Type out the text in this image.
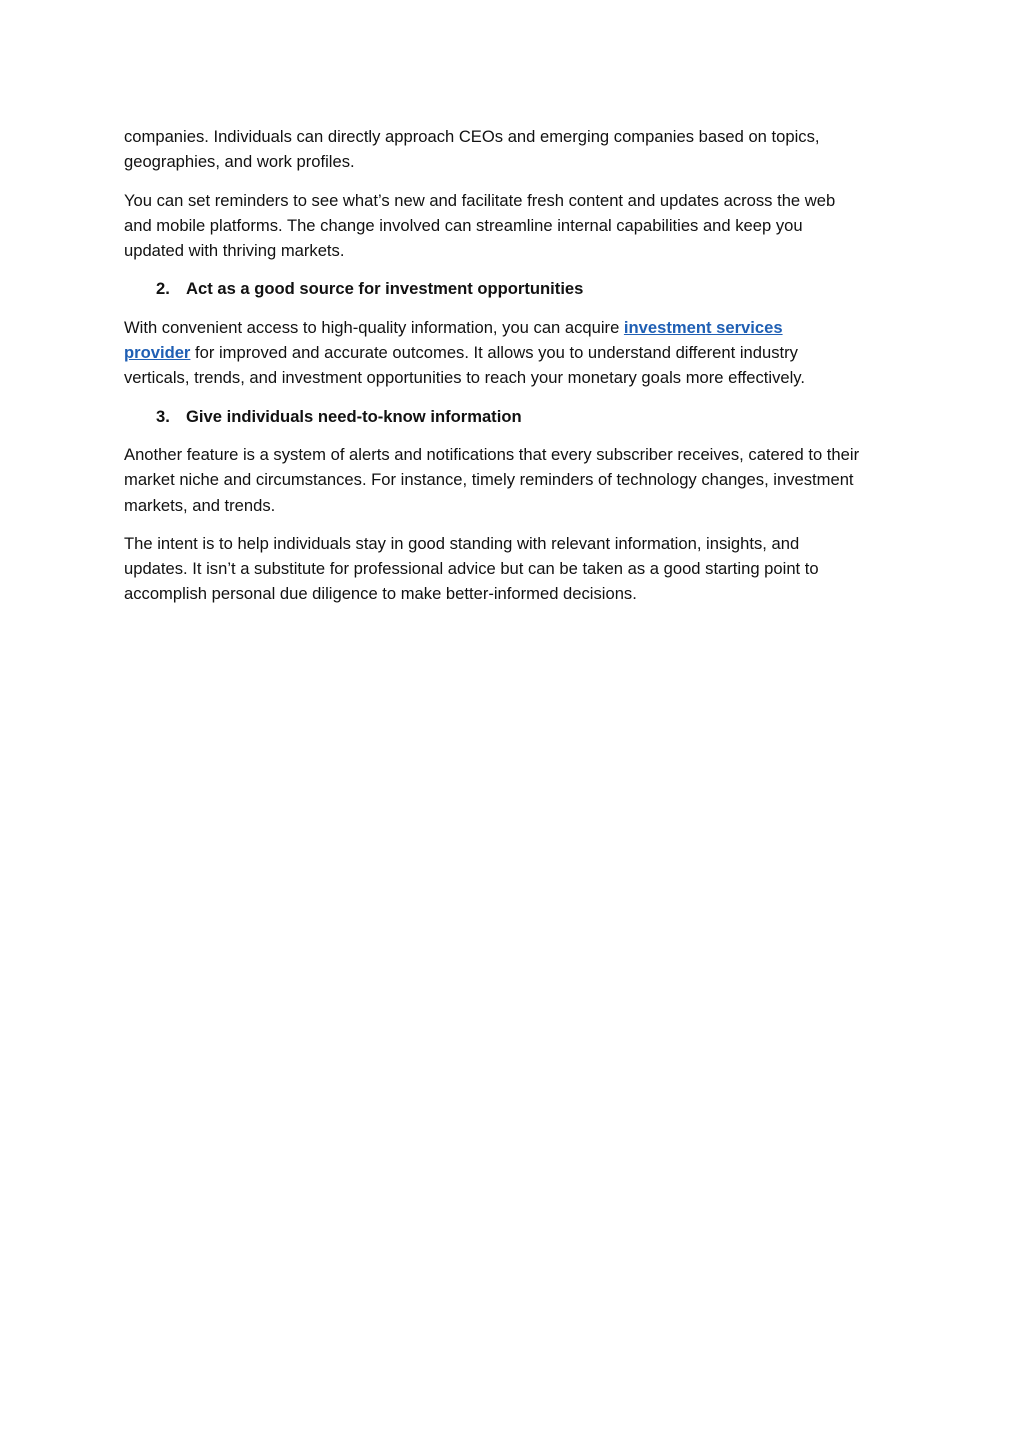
companies. Individuals can directly approach CEOs and emerging companies based on topics,
geographies, and work profiles.

You can set reminders to see what’s new and facilitate fresh content and updates across the web
and mobile platforms. The change involved can streamline internal capabilities and keep you
updated with thriving markets.

2. Act as a good source for investment opportunities

With convenient access to high-quality information, you can acquire investment services
provider for improved and accurate outcomes. It allows you to understand different industry
verticals, trends, and investment opportunities to reach your monetary goals more effectively.

3. Give individuals need-to-know information

Another feature is a system of alerts and notifications that every subscriber receives, catered to their
market niche and circumstances. For instance, timely reminders of technology changes, investment
markets, and trends.

The intent is to help individuals stay in good standing with relevant information, insights, and
updates. It isn’t a substitute for professional advice but can be taken as a good starting point to
accomplish personal due diligence to make better-informed decisions.
